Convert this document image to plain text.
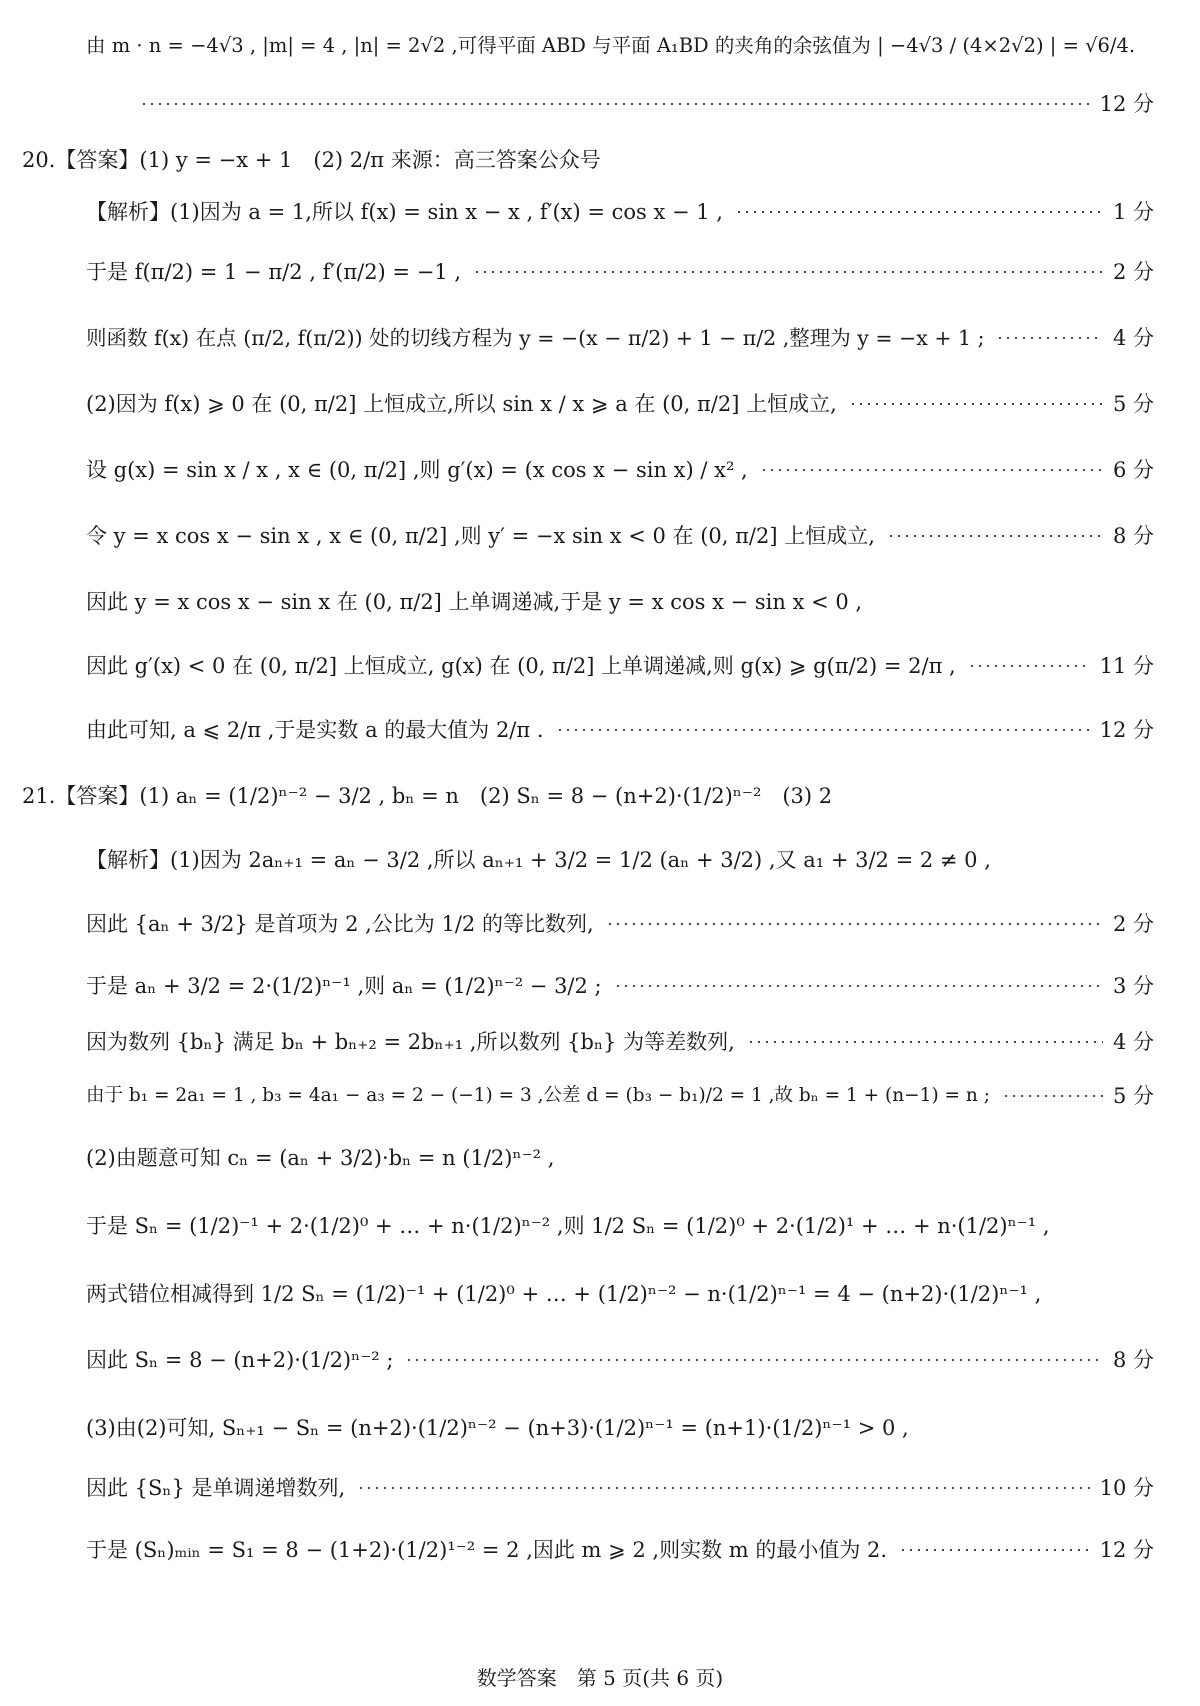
由 m · n = −4√3 , |m| = 4 , |n| = 2√2 ,可得平面 ABD 与平面 A₁BD 的夹角的余弦值为 | −4√3 / (4×2√2) | = √6/4.
12 分
20.【答案】(1) y = −x + 1　(2) 2/π 来源：高三答案公众号
【解析】(1)因为 a = 1,所以 f(x) = sin x − x , f′(x) = cos x − 1 ,	1 分
于是 f(π/2) = 1 − π/2 , f′(π/2) = −1 ,	2 分
则函数 f(x) 在点 (π/2, f(π/2)) 处的切线方程为 y = −(x − π/2) + 1 − π/2 ,整理为 y = −x + 1 ;	4 分
(2)因为 f(x) ⩾ 0 在 (0, π/2] 上恒成立,所以 sin x / x ⩾ a 在 (0, π/2] 上恒成立,	5 分
设 g(x) = sin x / x , x ∈ (0, π/2] ,则 g′(x) = (x cos x − sin x) / x² ,	6 分
令 y = x cos x − sin x , x ∈ (0, π/2] ,则 y′ = −x sin x < 0 在 (0, π/2] 上恒成立,	8 分
因此 y = x cos x − sin x 在 (0, π/2] 上单调递减,于是 y = x cos x − sin x < 0 ,
因此 g′(x) < 0 在 (0, π/2] 上恒成立, g(x) 在 (0, π/2] 上单调递减,则 g(x) ⩾ g(π/2) = 2/π ,	11 分
由此可知, a ⩽ 2/π ,于是实数 a 的最大值为 2/π .	12 分
21.【答案】(1) aₙ = (1/2)ⁿ⁻² − 3/2 , bₙ = n　(2) Sₙ = 8 − (n+2)·(1/2)ⁿ⁻²　(3) 2
【解析】(1)因为 2aₙ₊₁ = aₙ − 3/2 ,所以 aₙ₊₁ + 3/2 = 1/2 (aₙ + 3/2) ,又 a₁ + 3/2 = 2 ≠ 0 ,
因此 {aₙ + 3/2} 是首项为 2 ,公比为 1/2 的等比数列,	2 分
于是 aₙ + 3/2 = 2·(1/2)ⁿ⁻¹ ,则 aₙ = (1/2)ⁿ⁻² − 3/2 ;	3 分
因为数列 {bₙ} 满足 bₙ + bₙ₊₂ = 2bₙ₊₁ ,所以数列 {bₙ} 为等差数列,	4 分
由于 b₁ = 2a₁ = 1 , b₃ = 4a₁ − a₃ = 2 − (−1) = 3 ,公差 d = (b₃ − b₁)/2 = 1 ,故 bₙ = 1 + (n−1) = n ;	5 分
(2)由题意可知 cₙ = (aₙ + 3/2)·bₙ = n (1/2)ⁿ⁻² ,
于是 Sₙ = (1/2)⁻¹ + 2·(1/2)⁰ + … + n·(1/2)ⁿ⁻² ,则 1/2 Sₙ = (1/2)⁰ + 2·(1/2)¹ + … + n·(1/2)ⁿ⁻¹ ,
两式错位相减得到 1/2 Sₙ = (1/2)⁻¹ + (1/2)⁰ + … + (1/2)ⁿ⁻² − n·(1/2)ⁿ⁻¹ = 4 − (n+2)·(1/2)ⁿ⁻¹ ,
因此 Sₙ = 8 − (n+2)·(1/2)ⁿ⁻² ;	8 分
(3)由(2)可知, Sₙ₊₁ − Sₙ = (n+2)·(1/2)ⁿ⁻² − (n+3)·(1/2)ⁿ⁻¹ = (n+1)·(1/2)ⁿ⁻¹ > 0 ,
因此 {Sₙ} 是单调递增数列,	10 分
于是 (Sₙ)ₘᵢₙ = S₁ = 8 − (1+2)·(1/2)¹⁻² = 2 ,因此 m ⩾ 2 ,则实数 m 的最小值为 2.	12 分
数学答案　第 5 页(共 6 页)
